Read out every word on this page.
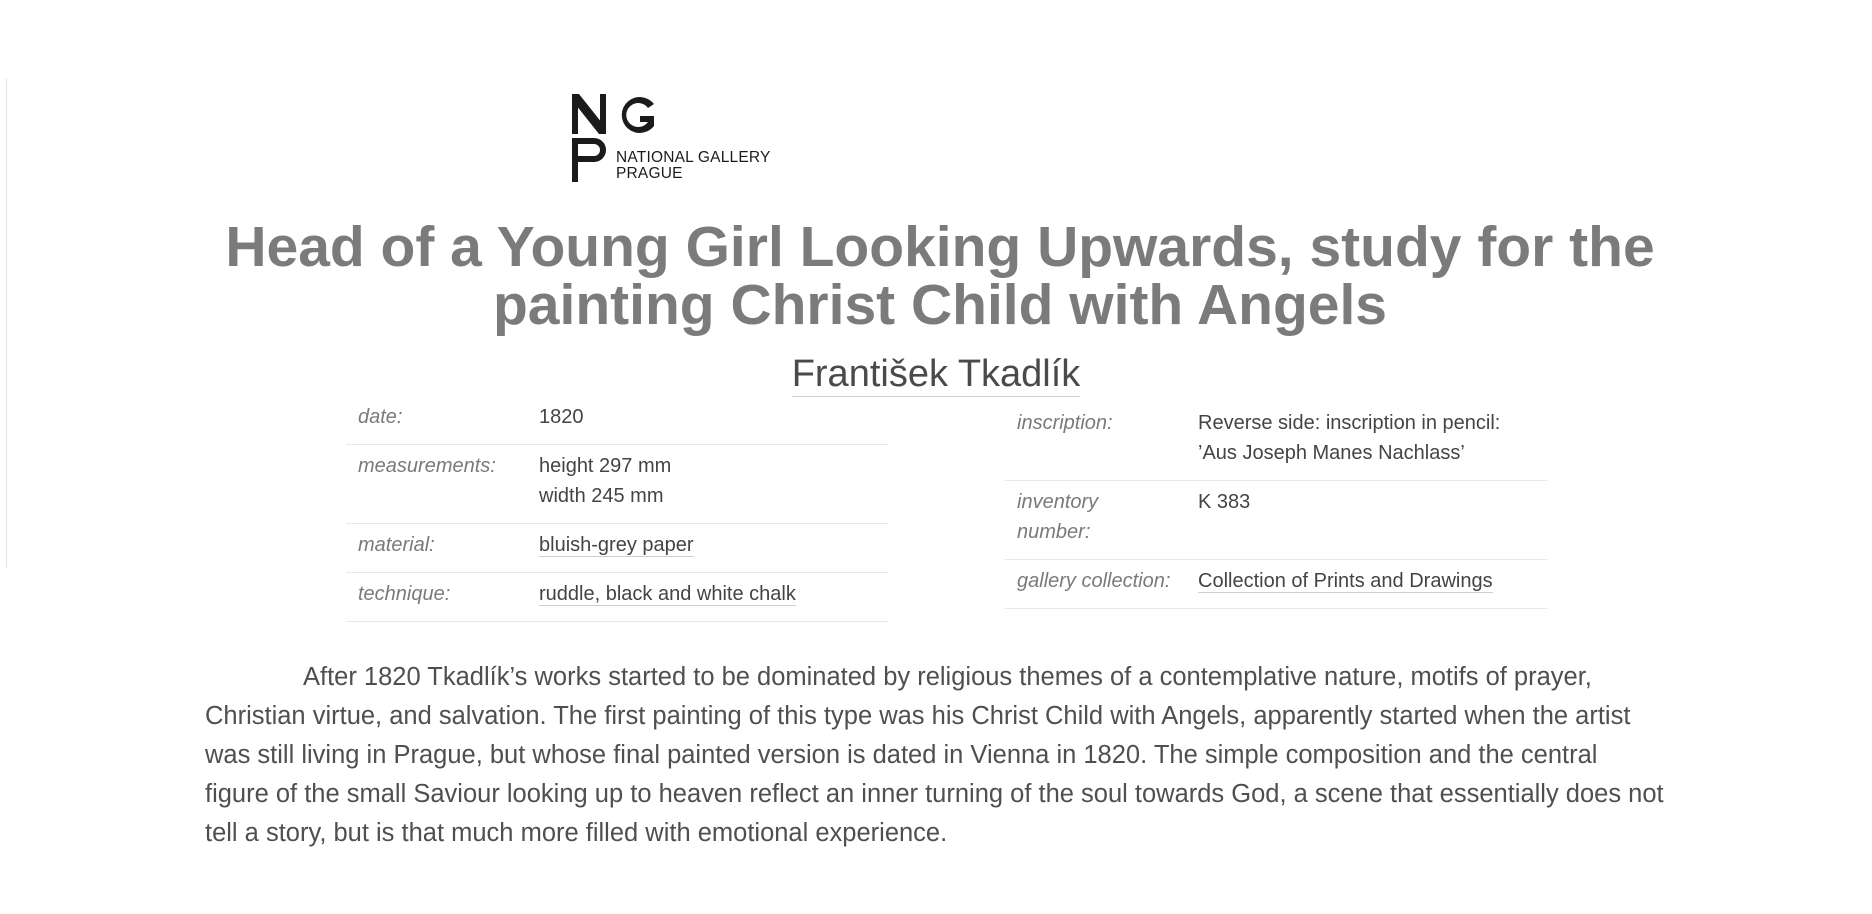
NATIONAL GALLERY
PRAGUE
Head of a Young Girl Looking Upwards, study for the painting Christ Child with Angels
František Tkadlík
date:	1820

measurements:	height 297 mm
width 245 mm

material:	bluish-grey paper
technique:	ruddle, black and white chalk
inscription:	Reverse side: inscription in pencil:
’Aus Joseph Manes Nachlass’

inventory number:	K 383

gallery collection:	Collection of Prints and Drawings

After 1820 Tkadlík’s works started to be dominated by religious themes of a contemplative nature, motifs of prayer, Christian virtue, and salvation. The first painting of this type was his Christ Child with Angels, apparently started when the artist was still living in Prague, but whose final painted version is dated in Vienna in 1820. The simple composition and the central figure of the small Saviour looking up to heaven reflect an inner turning of the soul towards God, a scene that essentially does not tell a story, but is that much more filled with emotional experience.
